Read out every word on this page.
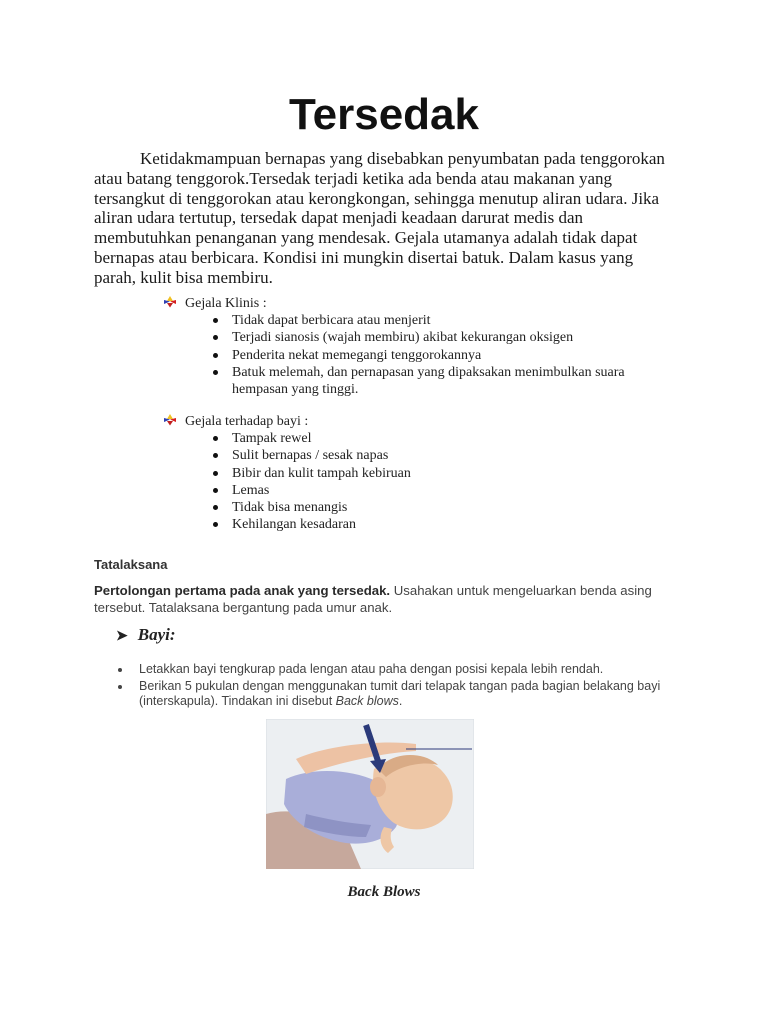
Tersedak

Ketidakmampuan bernapas yang disebabkan penyumbatan pada tenggorokan atau batang tenggorok.Tersedak terjadi ketika ada benda atau makanan yang tersangkut di tenggorokan atau kerongkongan, sehingga menutup aliran udara. Jika aliran udara tertutup, tersedak dapat menjadi keadaan darurat medis dan membutuhkan penanganan yang mendesak. Gejala utamanya adalah tidak dapat bernapas atau berbicara. Kondisi ini mungkin disertai batuk. Dalam kasus yang parah, kulit bisa membiru.

Gejala Klinis :
Tidak dapat berbicara atau menjerit
Terjadi sianosis (wajah membiru) akibat kekurangan oksigen
Penderita nekat memegangi tenggorokannya
Batuk melemah, dan pernapasan yang dipaksakan menimbulkan suara hempasan yang tinggi.
Gejala terhadap bayi :
Tampak rewel
Sulit bernapas / sesak napas
Bibir dan kulit tampah kebiruan
Lemas
Tidak bisa menangis
Kehilangan kesadaran
Tatalaksana

Pertolongan pertama pada anak yang tersedak. Usahakan untuk mengeluarkan benda asing tersebut. Tatalaksana bergantung pada umur anak.

➤ Bayi:
Letakkan bayi tengkurap pada lengan atau paha dengan posisi kepala lebih rendah.
Berikan 5 pukulan dengan menggunakan tumit dari telapak tangan pada bagian belakang bayi (interskapula). Tindakan ini disebut Back blows.
Back Blows
